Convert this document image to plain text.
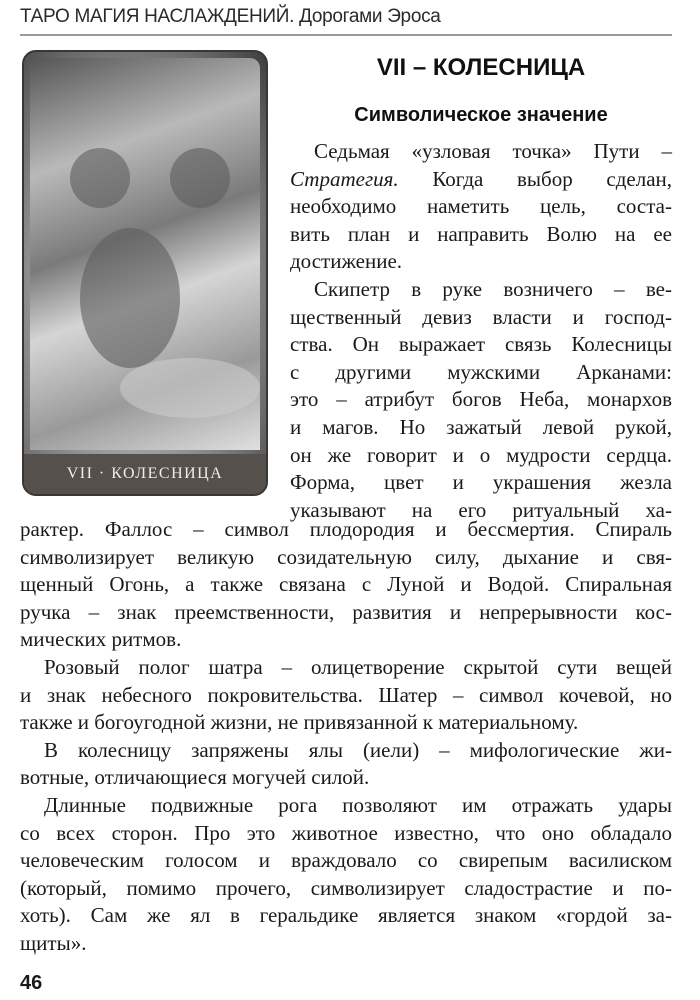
ТАРО МАГИЯ НАСЛАЖДЕНИЙ. Дорогами Эроса
VII · КОЛЕСНИЦА
VII – КОЛЕСНИЦА
Символическое значение
Седьмая «узловая точка» Пути –
Стратегия. Когда выбор сделан,
необходимо наметить цель, соста-
вить план и направить Волю на ее
достижение.
Скипетр в руке возничего – ве-
щественный девиз власти и господ-
ства. Он выражает связь Колесницы
с другими мужскими Арканами:
это – атрибут богов Неба, монархов
и магов. Но зажатый левой рукой,
он же говорит и о мудрости сердца.
Форма, цвет и украшения жезла
указывают на его ритуальный ха-
рактер. Фаллос – символ плодородия и бессмертия. Спираль
символизирует великую созидательную силу, дыхание и свя-
щенный Огонь, а также связана с Луной и Водой. Спиральная
ручка – знак преемственности, развития и непрерывности кос-
мических ритмов.
Розовый полог шатра – олицетворение скрытой сути вещей
и знак небесного покровительства. Шатер – символ кочевой, но
также и богоугодной жизни, не привязанной к материальному.
В колесницу запряжены ялы (иели) – мифологические жи-
вотные, отличающиеся могучей силой.
Длинные подвижные рога позволяют им отражать удары
со всех сторон. Про это животное известно, что оно обладало
человеческим голосом и враждовало со свирепым василиском
(который, помимо прочего, символизирует сладострастие и по-
хоть). Сам же ял в геральдике является знаком «гордой за-
щиты».
46
